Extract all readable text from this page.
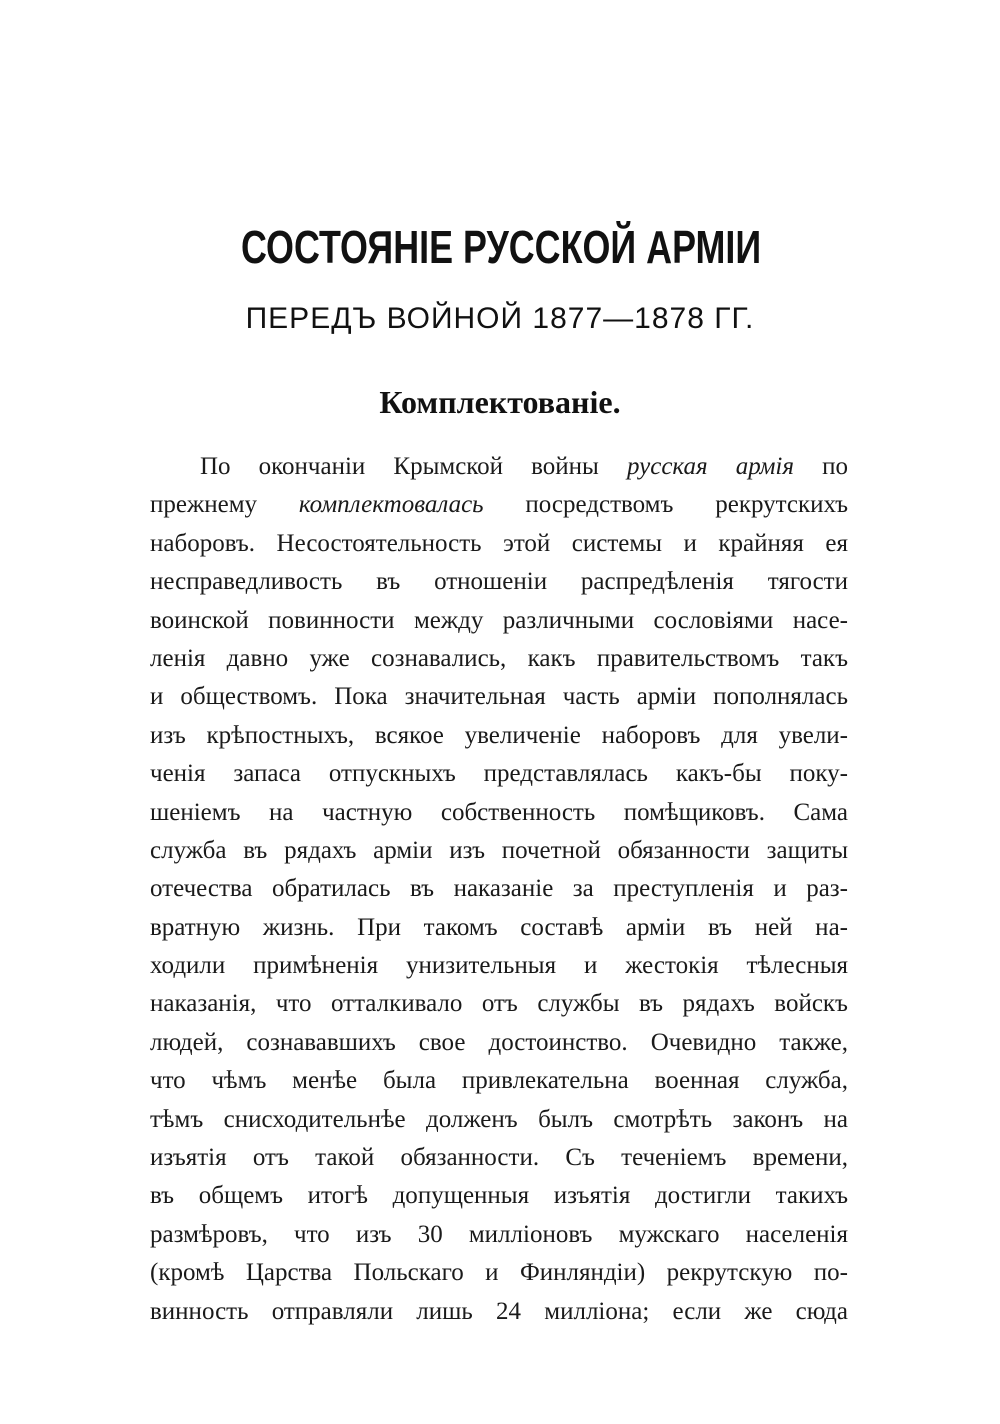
СОСТОЯНІЕ РУССКОЙ АРМІИ
ПЕРЕДЪ ВОЙНОЙ 1877—1878 ГГ.
Комплектованіе.
По окончаніи Крымской войны русская армія по
прежнему комплектовалась посредствомъ рекрутскихъ
наборовъ. Несостоятельность этой системы и крайняя ея
несправедливость въ отношеніи распредѣленія тягости
воинской повинности между различными сословіями насе-
ленія давно уже сознавались, какъ правительствомъ такъ
и обществомъ. Пока значительная часть арміи пополнялась
изъ крѣпостныхъ, всякое увеличеніе наборовъ для увели-
ченія запаса отпускныхъ представлялась какъ-бы поку-
шеніемъ на частную собственность помѣщиковъ. Сама
служба въ рядахъ арміи изъ почетной обязанности защиты
отечества обратилась въ наказаніе за преступленія и раз-
вратную жизнь. При такомъ составѣ арміи въ ней на-
ходили примѣненія унизительныя и жестокія тѣлесныя
наказанія, что отталкивало отъ службы въ рядахъ войскъ
людей, сознававшихъ свое достоинство. Очевидно также,
что чѣмъ менѣе была привлекательна военная служба,
тѣмъ снисходительнѣе долженъ былъ смотрѣть законъ на
изъятія отъ такой обязанности. Съ теченіемъ времени,
въ общемъ итогѣ допущенныя изъятія достигли такихъ
размѣровъ, что изъ 30 милліоновъ мужскаго населенія
(кромѣ Царства Польскаго и Финляндіи) рекрутскую по-
винность отправляли лишь 24 милліона; если же сюда
